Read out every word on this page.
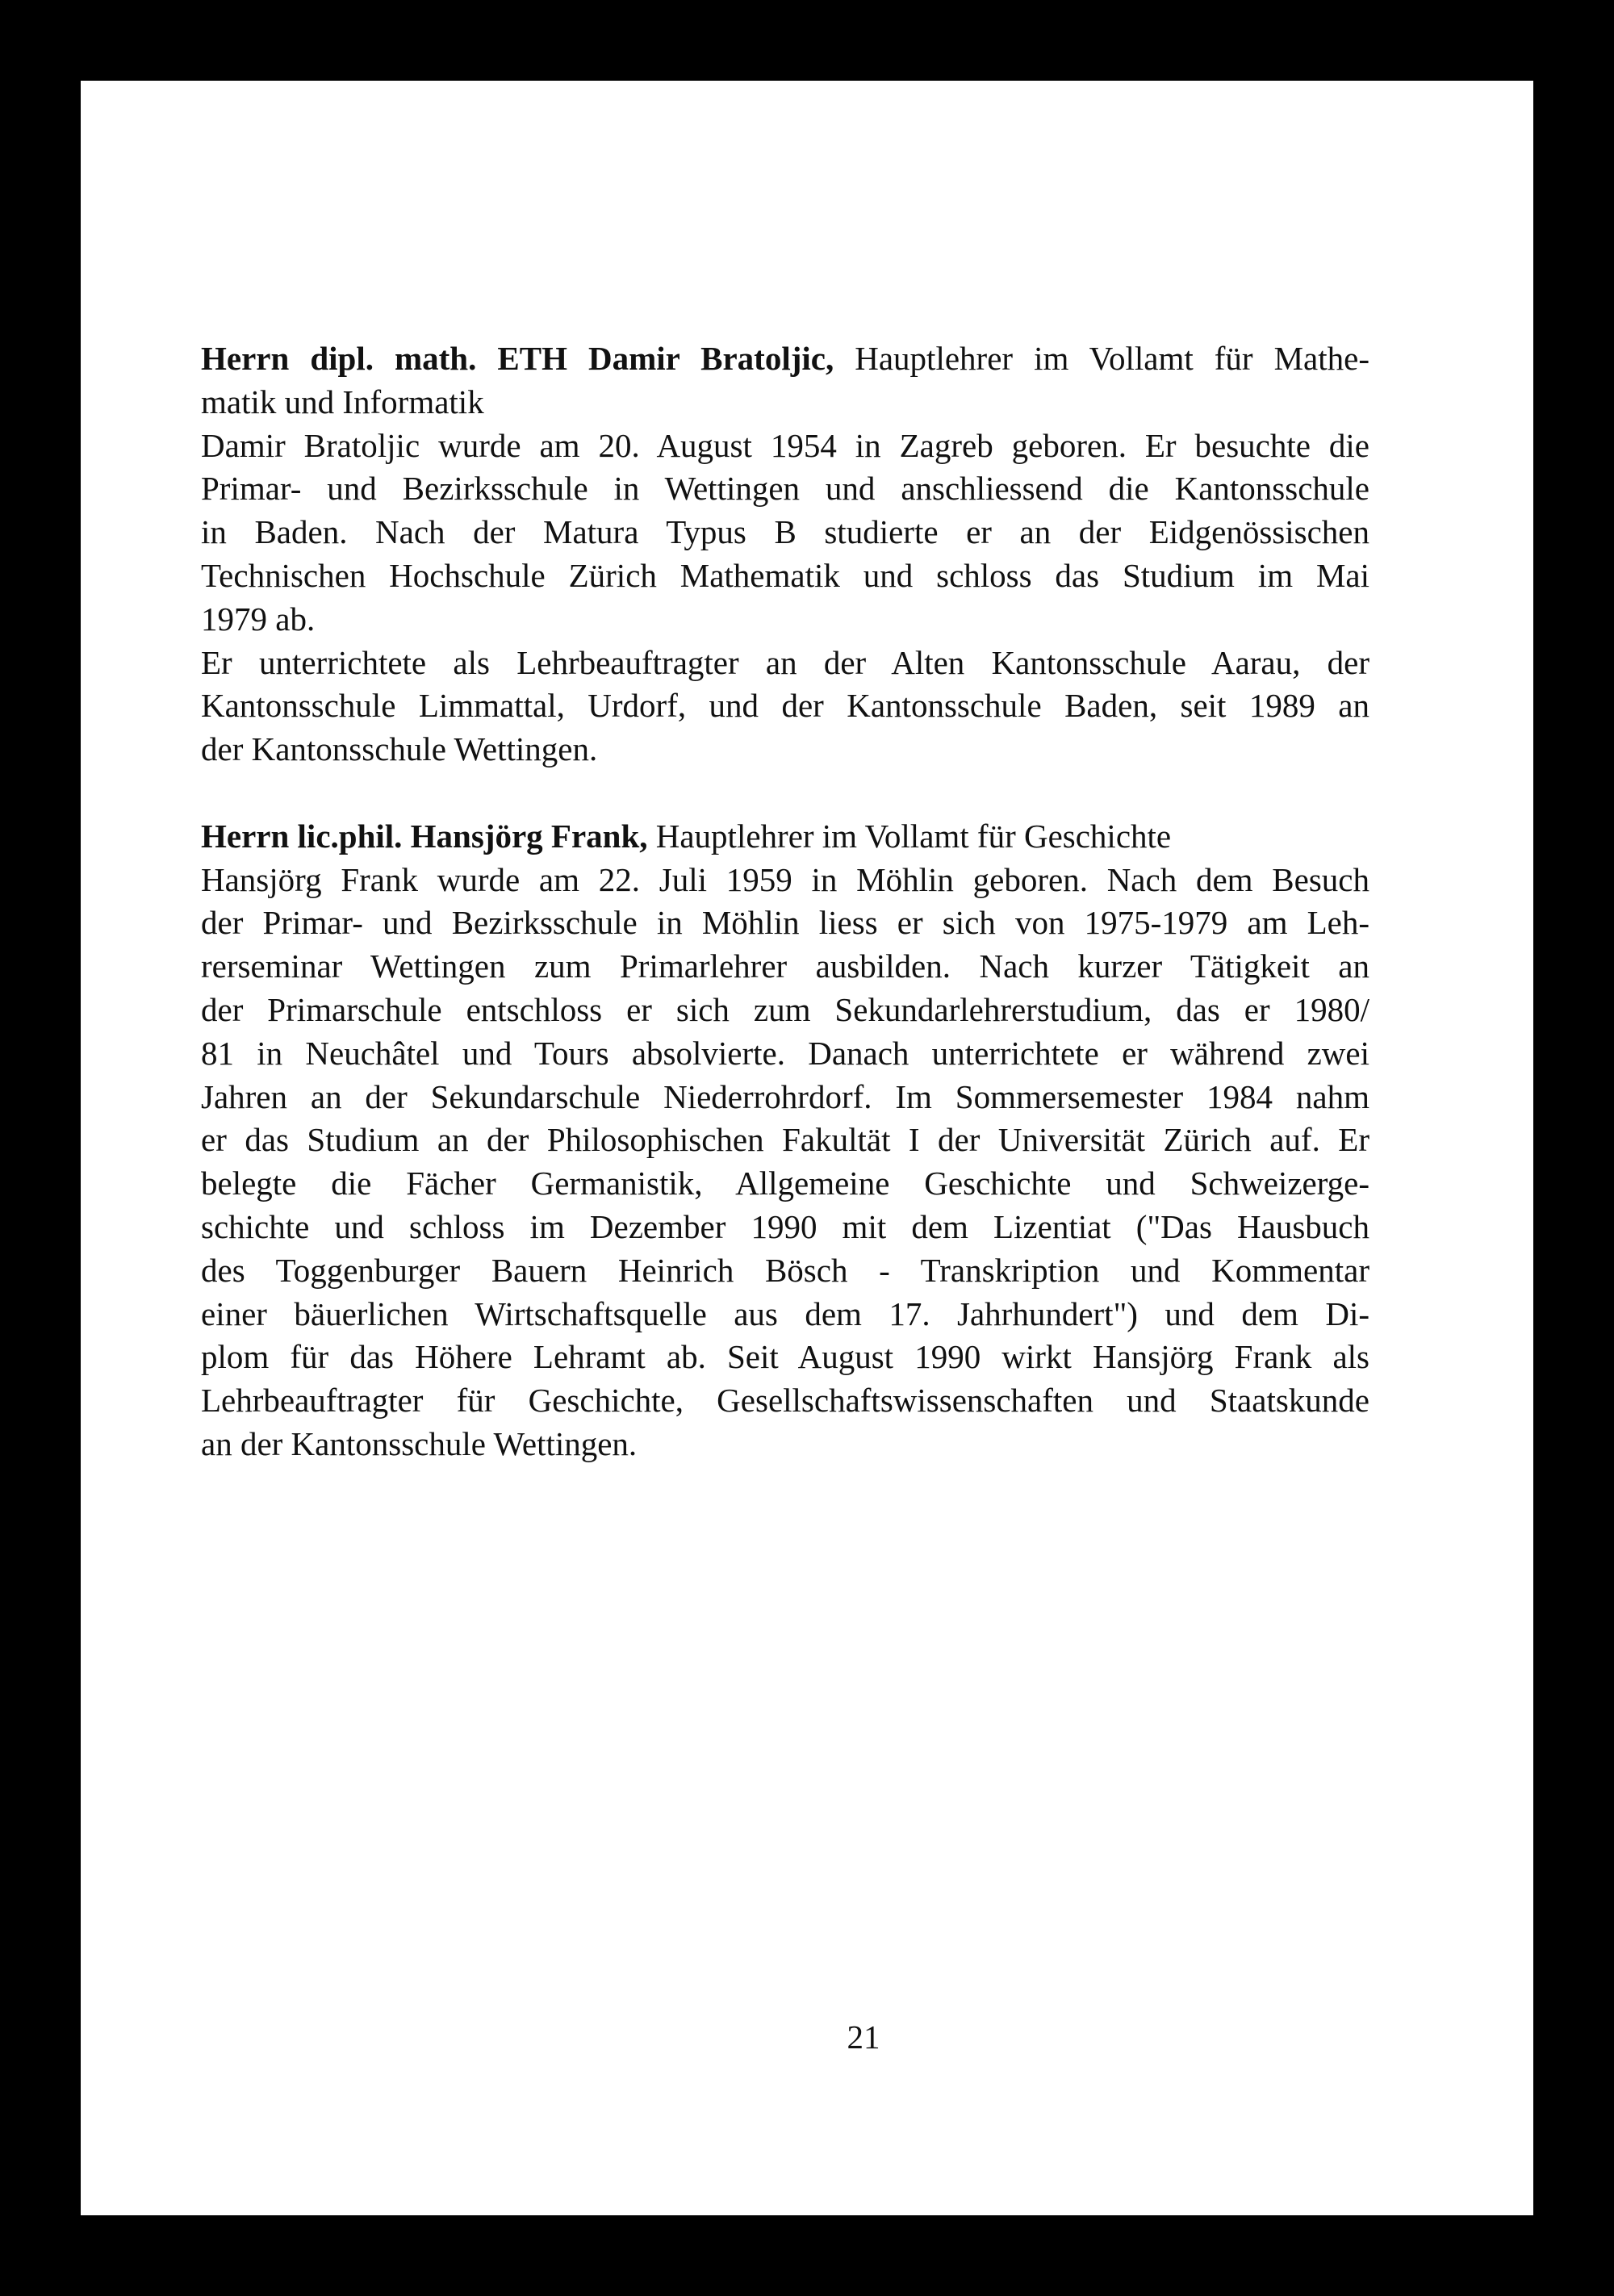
Herrn dipl. math. ETH Damir Bratoljic, Hauptlehrer im Vollamt für Mathe-
matik und Informatik
Damir Bratoljic wurde am 20. August 1954 in Zagreb geboren. Er besuchte die
Primar- und Bezirksschule in Wettingen und anschliessend die Kantonsschule
in Baden. Nach der Matura Typus B studierte er an der Eidgenössischen
Technischen Hochschule Zürich Mathematik und schloss das Studium im Mai
1979 ab.
Er unterrichtete als Lehrbeauftragter an der Alten Kantonsschule Aarau, der
Kantonsschule Limmattal, Urdorf, und der Kantonsschule Baden, seit 1989 an
der Kantonsschule Wettingen.
Herrn lic.phil. Hansjörg Frank, Hauptlehrer im Vollamt für Geschichte
Hansjörg Frank wurde am 22. Juli 1959 in Möhlin geboren. Nach dem Besuch
der Primar- und Bezirksschule in Möhlin liess er sich von 1975-1979 am Leh-
rerseminar Wettingen zum Primarlehrer ausbilden. Nach kurzer Tätigkeit an
der Primarschule entschloss er sich zum Sekundarlehrerstudium, das er 1980/
81 in Neuchâtel und Tours absolvierte. Danach unterrichtete er während zwei
Jahren an der Sekundarschule Niederrohrdorf. Im Sommersemester 1984 nahm
er das Studium an der Philosophischen Fakultät I der Universität Zürich auf. Er
belegte die Fächer Germanistik, Allgemeine Geschichte und Schweizerge-
schichte und schloss im Dezember 1990 mit dem Lizentiat ("Das Hausbuch
des Toggenburger Bauern Heinrich Bösch - Transkription und Kommentar
einer bäuerlichen Wirtschaftsquelle aus dem 17. Jahrhundert") und dem Di-
plom für das Höhere Lehramt ab. Seit August 1990 wirkt Hansjörg Frank als
Lehrbeauftragter für Geschichte, Gesellschaftswissenschaften und Staatskunde
an der Kantonsschule Wettingen.
21
